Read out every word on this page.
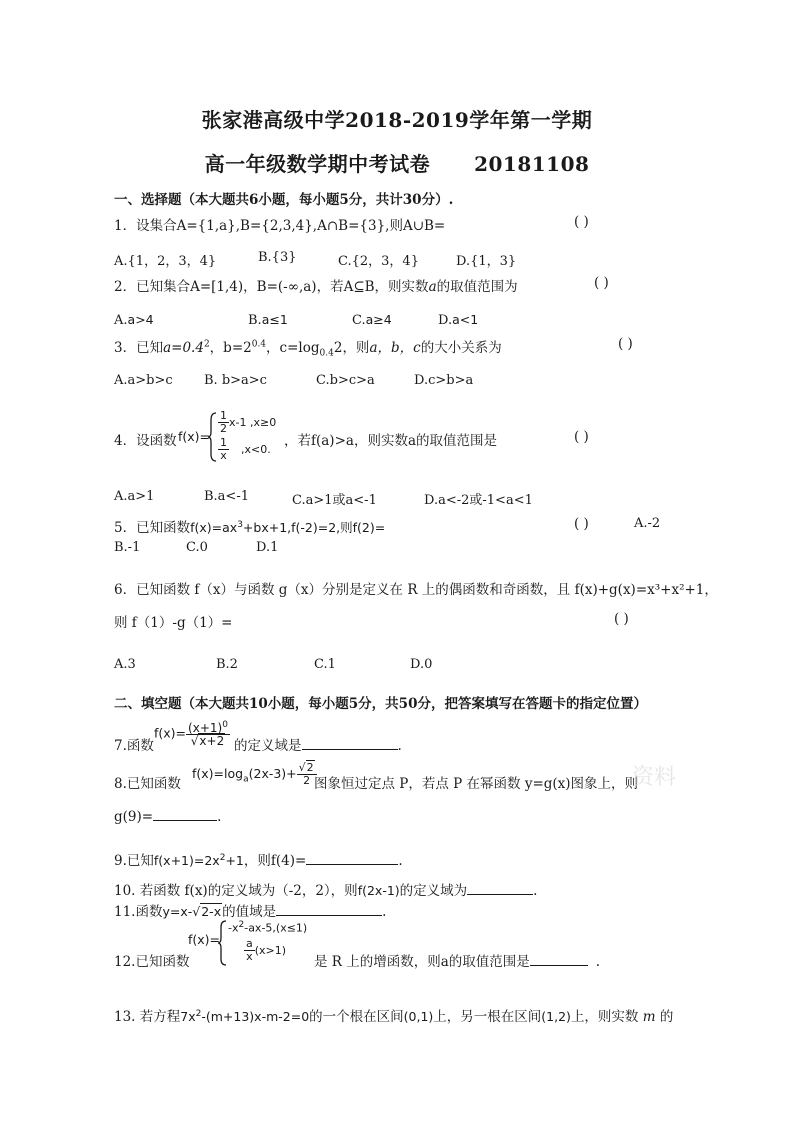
张家港高级中学2018-2019学年第一学期
高一年级数学期中考试卷 20181108
一、选择题（本大题共6小题，每小题5分，共计30分）.
1．设集合A={1,a},B={2,3,4},A∩B={3},则A∪B=	( )
A.{1，2，3，4}	B.{3}	C.{2，3，4}	D.{1，3}
2．已知集合A=[1,4)，B=(-∞,a)，若A⊆B，则实数a的取值范围为	( )
A.a>4	B.a≤1	C.a≥4	D.a<1
3．已知$a=0.4^2$，$b=2^{0.4}$，$c=\log_{0.4}2$，则a，b，c的大小关系为	( )
A.a>b>c B. b>a>c	C.b>c>a	D.c>b>a
4．设函数 f(x)=
$\frac{1}{2} x-1$ ,x≥0
$\frac{1}{x} ,x<0$.
，若f(a)>a，则实数a的取值范围是	( )
A.a>1	B.a<-1	C.a>1或a<-1	D.a<-2或-1<a<1
5．已知函数$f(x)=ax^3+bx+1,f(-2)=2$,则f(2)=	( )	A.-2
B.-1	C.0	D.1
6．已知函数 f（x）与函数 g（x）分别是定义在 R 上的偶函数和奇函数，且 f(x)+g(x)=x³+x²+1，
则 f（1）-g（1）=	( )
A.3	B.2	C.1	D.0
二、填空题（本大题共10小题，每小题5分，共50分，把答案填写在答题卡的指定位置）
7.函数
$f(x)= \frac{(x+1)^0}{√x+2}$ 的定义域是	.
8.已知函数
$f(x)=\log_a(2x-3)+ \frac{√2}{2}$
图象恒过定点 P，若点 P 在幂函数 y=g(x)图象上，则
g(9)=	.
9.已知$f(x+1)=2x^2+1$，则f(4)=	.
10. 若函数 f(x)的定义域为（-2，2），则f(2x-1)的定义域为	.
11.函数y=x-√2-x的值域是	.
12.已知函数
f(x)=
$-x^2-ax-5,(x\le 1)$
$\frac{a}{x} (x>1)$
是 R 上的增函数，则a的取值范围是	.
13. 若方程$7x^2-(m+13)x-m-2=0$的一个根在区间(0,1)上，另一根在区间(1,2)上，则实数 m 的
资料
